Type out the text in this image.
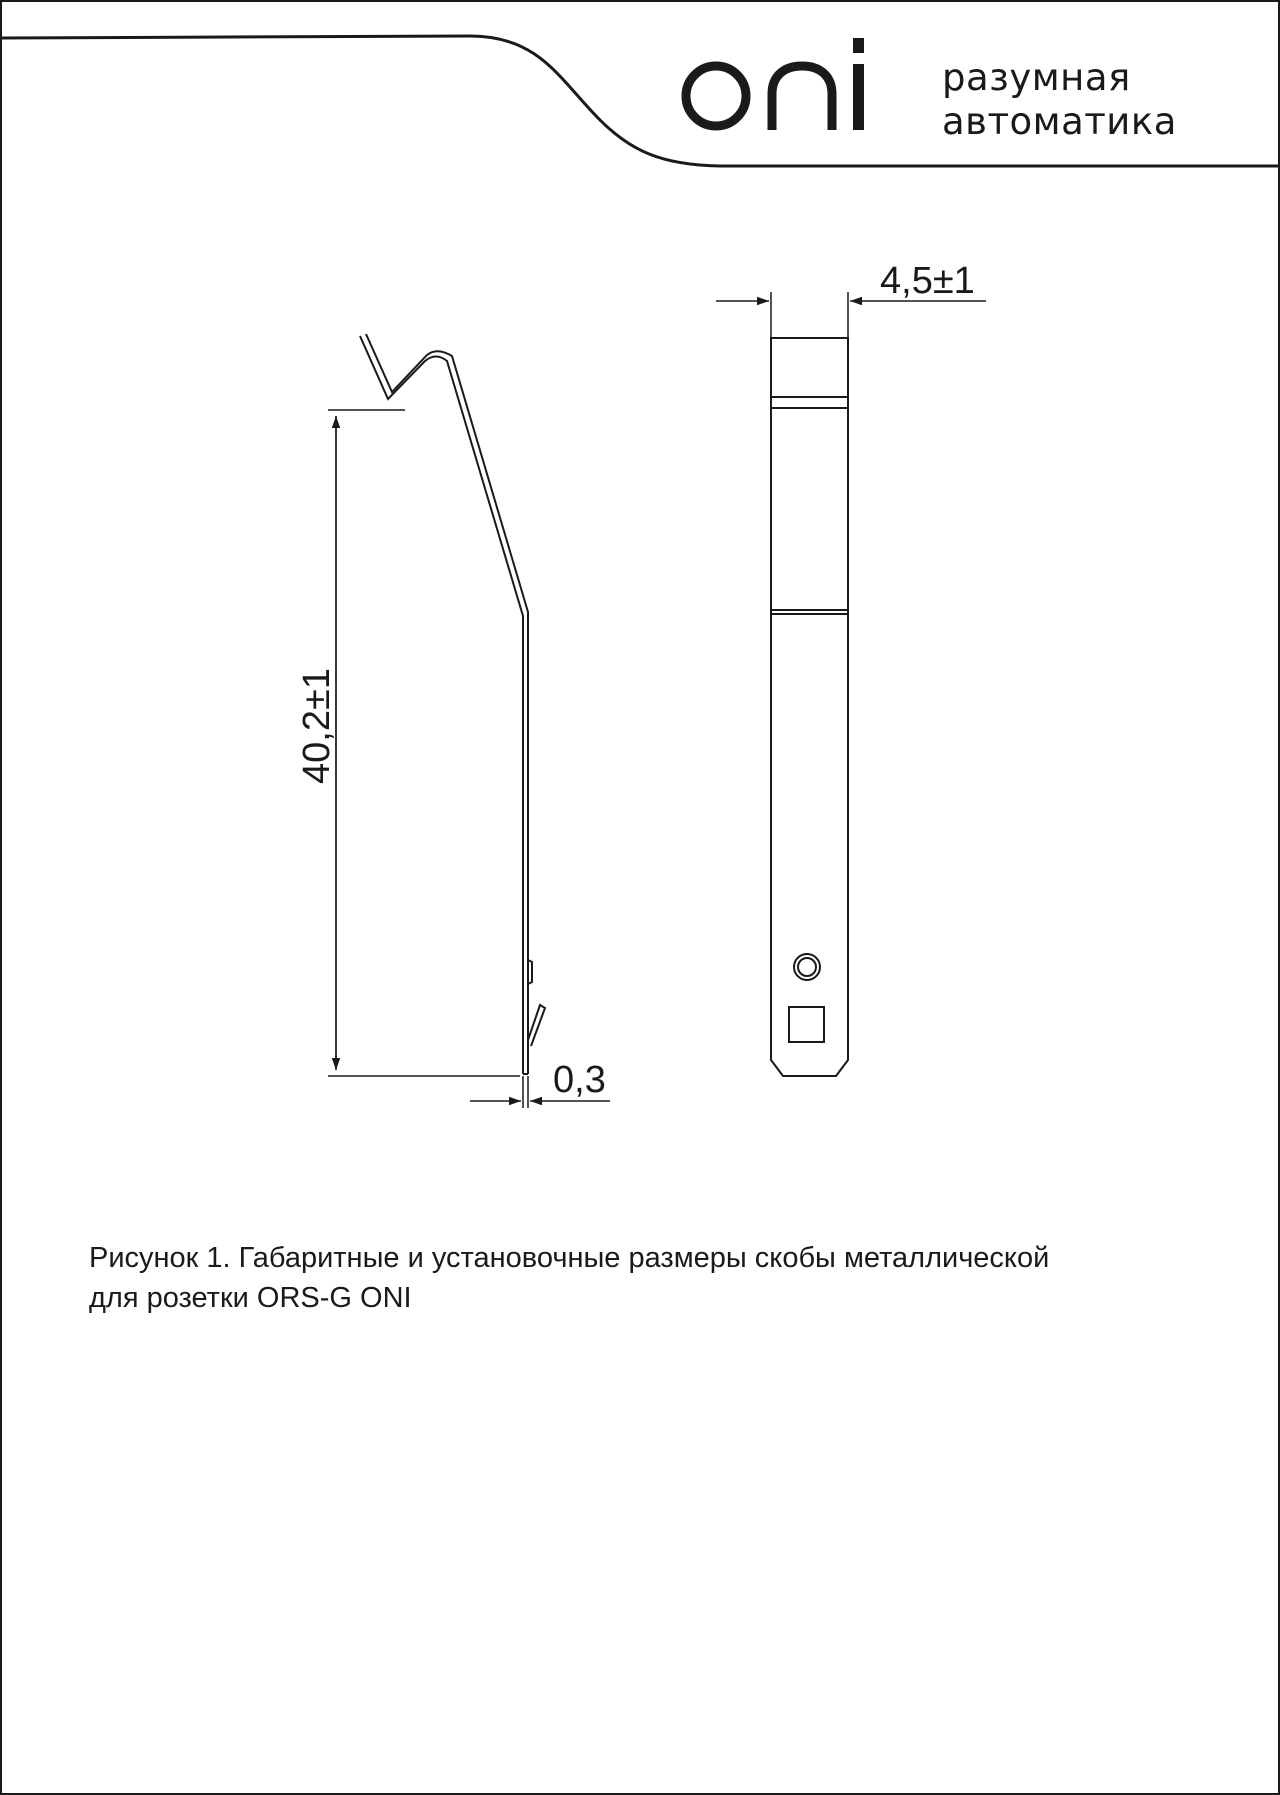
разумная
автоматика
40,2±1
0,3
4,5±1
Рисунок 1. Габаритные и установочные размеры скобы металлической
для розетки ORS-G ONI
